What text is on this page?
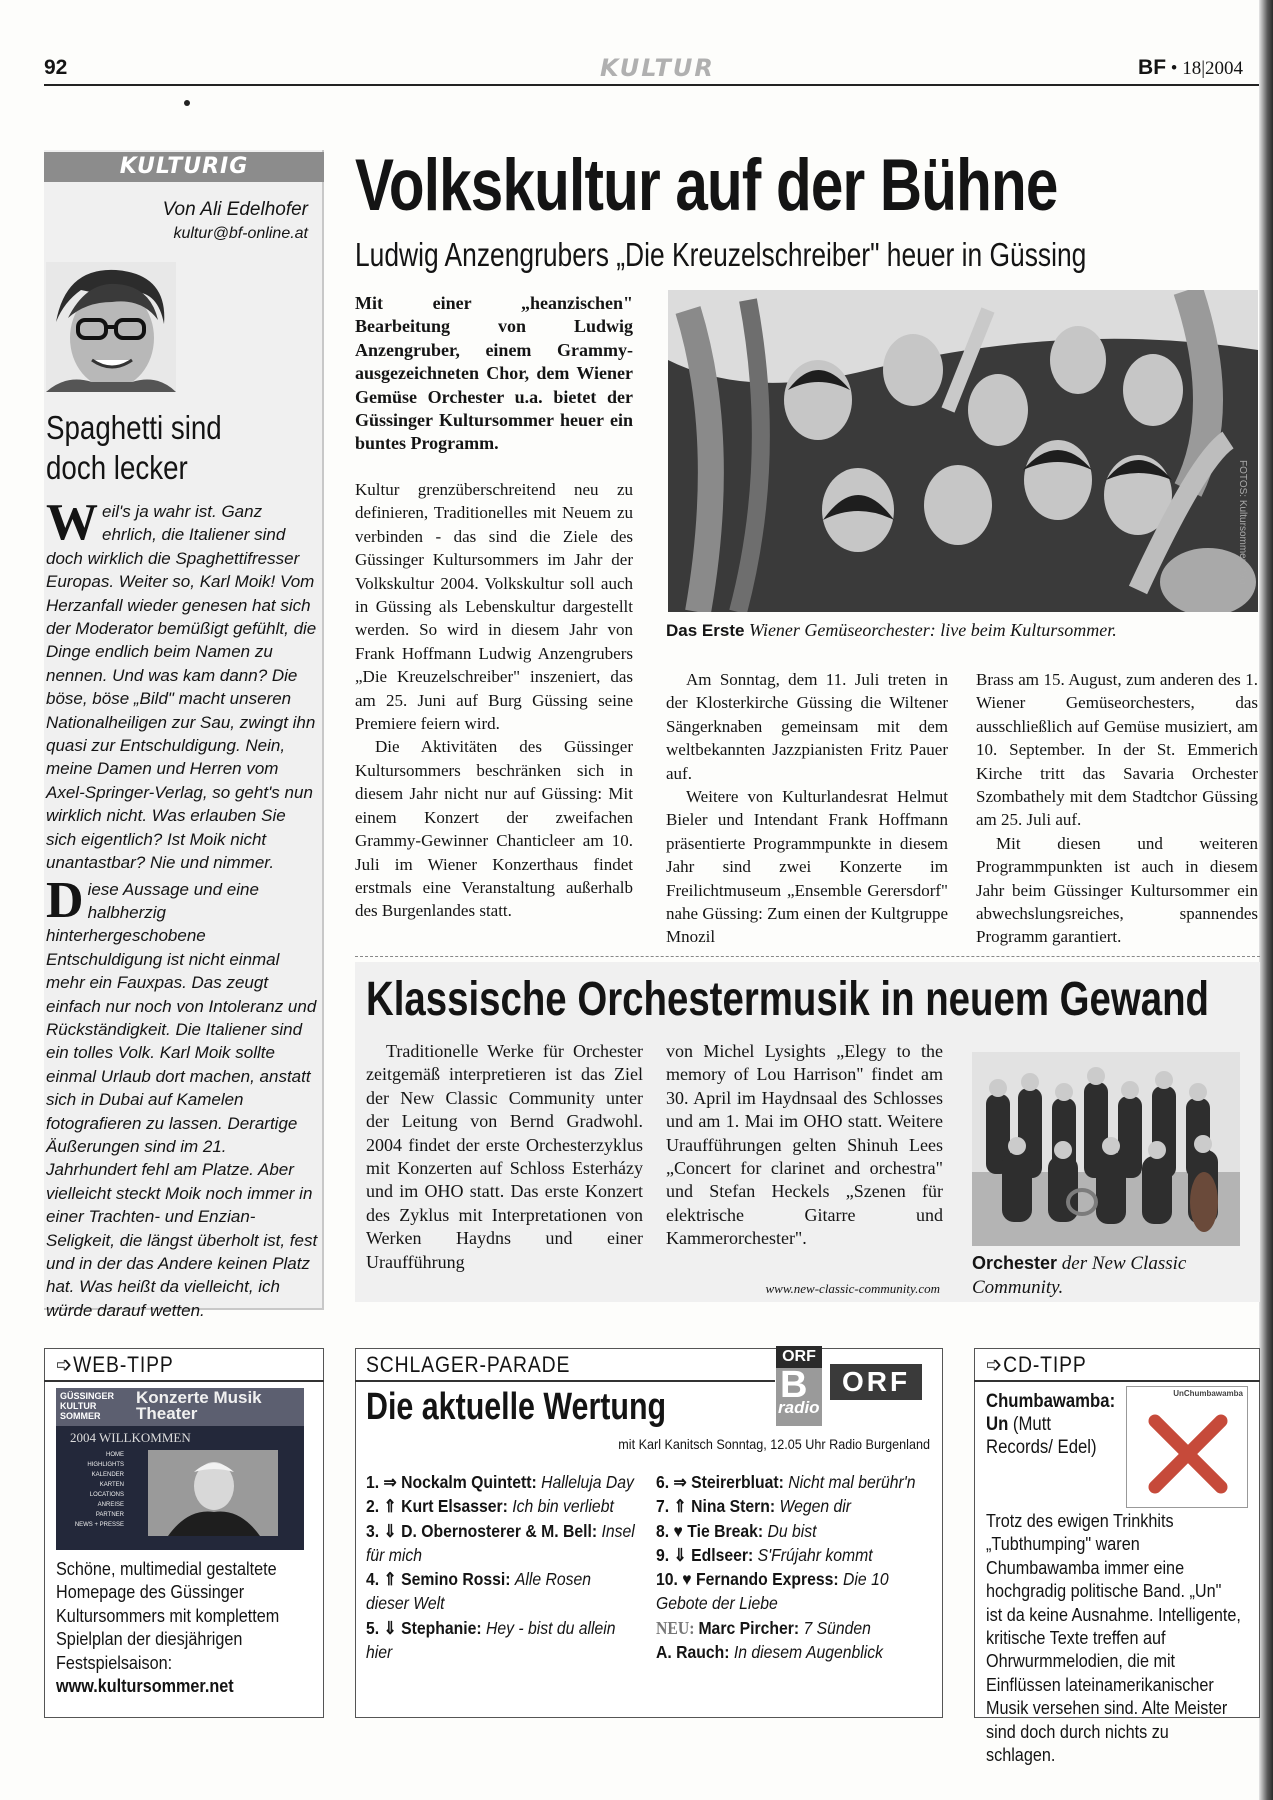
92	KULTUR	BF • 18|2004
KULTURIG
Von Ali Edelhofer
kultur@bf-online.at
Spaghetti sind doch lecker

Weil's ja wahr ist. Ganz ehrlich, die Italiener sind doch wirklich die Spaghettifresser Europas. Weiter so, Karl Moik! Vom Herzanfall wieder genesen hat sich der Moderator bemüßigt gefühlt, die Dinge endlich beim Namen zu nennen. Und was kam dann? Die böse, böse „Bild" macht unseren Nationalheiligen zur Sau, zwingt ihn quasi zur Entschuldigung. Nein, meine Damen und Herren vom Axel-Springer-Verlag, so geht's nun wirklich nicht. Was erlauben Sie sich eigentlich? Ist Moik nicht unantastbar? Nie und nimmer.

Diese Aussage und eine halbherzig hinterhergeschobene Entschuldigung ist nicht einmal mehr ein Fauxpas. Das zeugt einfach nur noch von Intoleranz und Rückständigkeit. Die Italiener sind ein tolles Volk. Karl Moik sollte einmal Urlaub dort machen, anstatt sich in Dubai auf Kamelen fotografieren zu lassen. Derartige Äußerungen sind im 21. Jahrhundert fehl am Platze. Aber vielleicht steckt Moik noch immer in einer Trachten- und Enzian-Seligkeit, die längst überholt ist, fest und in der das Andere keinen Platz hat. Was heißt da vielleicht, ich würde darauf wetten.

Volkskultur auf der Bühne
Ludwig Anzengrubers „Die Kreuzelschreiber" heuer in Güssing
Mit einer „heanzischen" Bearbeitung von Ludwig Anzengruber, einem Grammy-ausgezeichneten Chor, dem Wiener Gemüse Orchester u.a. bietet der Güssinger Kultursommer heuer ein buntes Programm.

Kultur grenzüberschreitend neu zu definieren, Traditionelles mit Neuem zu verbinden - das sind die Ziele des Güssinger Kultursommers im Jahr der Volkskultur 2004. Volkskultur soll auch in Güssing als Lebenskultur dargestellt werden. So wird in diesem Jahr von Frank Hoffmann Ludwig Anzengrubers „Die Kreuzelschreiber" inszeniert, das am 25. Juni auf Burg Güssing seine Premiere feiern wird.

Die Aktivitäten des Güssinger Kultursommers beschränken sich in diesem Jahr nicht nur auf Güssing: Mit einem Konzert der zweifachen Grammy-Gewinner Chanticleer am 10. Juli im Wiener Konzerthaus findet erstmals eine Veranstaltung außerhalb des Burgenlandes statt.

FOTOS: Kultursommer, zVg
Das Erste Wiener Gemüseorchester: live beim Kultursommer.

Am Sonntag, dem 11. Juli treten in der Klosterkirche Güssing die Wiltener Sängerknaben gemeinsam mit dem weltbekannten Jazzpianisten Fritz Pauer auf.

Weitere von Kulturlandesrat Helmut Bieler und Intendant Frank Hoffmann präsentierte Programmpunkte in diesem Jahr sind zwei Konzerte im Freilichtmuseum „Ensemble Gerersdorf" nahe Güssing: Zum einen der Kultgruppe Mnozil

Brass am 15. August, zum anderen des 1. Wiener Gemüseorchesters, das ausschließlich auf Gemüse musiziert, am 10. September. In der St. Emmerich Kirche tritt das Savaria Orchester Szombathely mit dem Stadtchor Güssing am 25. Juli auf.

Mit diesen und weiteren Programmpunkten ist auch in diesem Jahr beim Güssinger Kultursommer ein abwechslungsreiches, spannendes Programm garantiert.

Klassische Orchestermusik in neuem Gewand
Traditionelle Werke für Orchester zeitgemäß interpretieren ist das Ziel der New Classic Community unter der Leitung von Bernd Gradwohl. 2004 findet der erste Orchesterzyklus mit Konzerten auf Schloss Esterházy und im OHO statt. Das erste Konzert des Zyklus mit Interpretationen von Werken Haydns und einer Uraufführung
von Michel Lysights „Elegy to the memory of Lou Harrison" findet am 30. April im Haydnsaal des Schlosses und am 1. Mai im OHO statt. Weitere Uraufführungen gelten Shinuh Lees „Concert for clarinet and orchestra" und Stefan Heckels „Szenen für elektrische Gitarre und Kammerorchester".
www.new-classic-community.com
Orchester der New Classic Community.
➩WEB-TIPP
GÜSSINGER KULTUR SOMMER
Konzerte Musik Theater
2004 WILLKOMMEN
HOME
HIGHLIGHTS
KALENDER
KARTEN
LOCATIONS
ANREISE
PARTNER
NEWS + PRESSE
Schöne, multimedial gestaltete Homepage des Güssinger Kultursommers mit komplettem Spielplan der diesjährigen Festspielsaison:
www.kultursommer.net
SCHLAGER-PARADE	ORF
B
radio
ORF
Die aktuelle Wertung
mit Karl Kanitsch Sonntag, 12.05 Uhr Radio Burgenland
1. ⇒ Nockalm Quintett: Halleluja Day
2. ⇑ Kurt Elsasser: Ich bin verliebt
3. ⇓ D. Obernosterer & M. Bell: Insel für mich
4. ⇑ Semino Rossi: Alle Rosen dieser Welt
5. ⇓ Stephanie: Hey - bist du allein hier
6. ⇒ Steirerbluat: Nicht mal berühr'n
7. ⇑ Nina Stern: Wegen dir
8. ♥ Tie Break: Du bist
9. ⇓ Edlseer: S'Frújahr kommt
10. ♥ Fernando Express: Die 10 Gebote der Liebe
NEU: Marc Pircher: 7 Sünden
A. Rauch: In diesem Augenblick
➩CD-TIPP
Chumbawamba:
Un (Mutt Records/ Edel)
UnChumbawamba
Trotz des ewigen Trinkhits „Tubthumping" waren Chumbawamba immer eine hochgradig politische Band. „Un" ist da keine Ausnahme. Intelligente, kritische Texte treffen auf Ohrwurmmelodien, die mit Einflüssen lateinamerikanischer Musik versehen sind. Alte Meister sind doch durch nichts zu schlagen.
